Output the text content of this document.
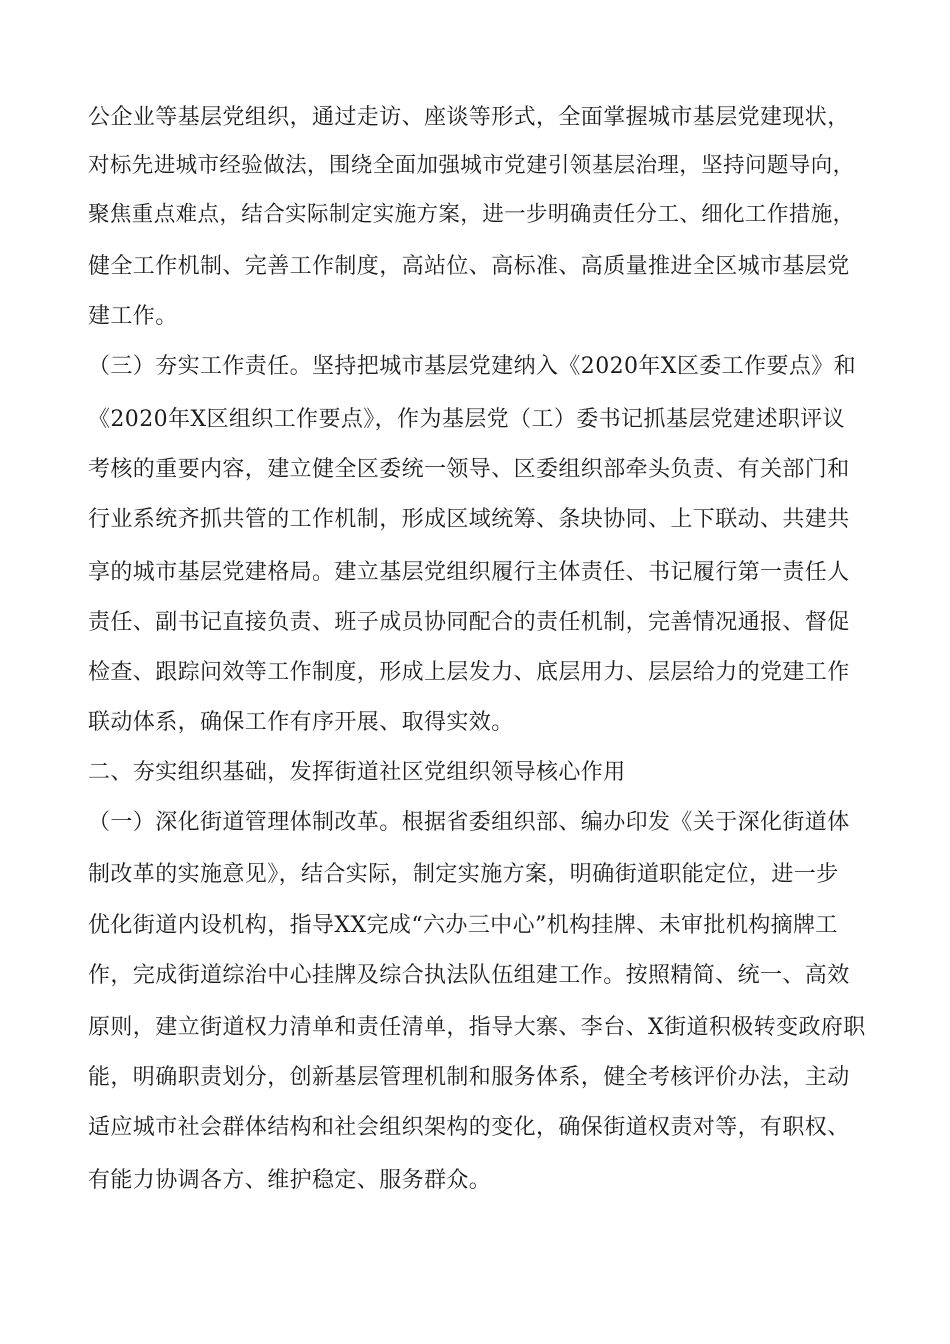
公企业等基层党组织，通过走访、座谈等形式，全面掌握城市基层党建现状，
对标先进城市经验做法，围绕全面加强城市党建引领基层治理，坚持问题导向，
聚焦重点难点，结合实际制定实施方案，进一步明确责任分工、细化工作措施，
健全工作机制、完善工作制度，高站位、高标准、高质量推进全区城市基层党
建工作。
（三）夯实工作责任。坚持把城市基层党建纳入《2020年X区委工作要点》和
《2020年X区组织工作要点》，作为基层党（工）委书记抓基层党建述职评议
考核的重要内容，建立健全区委统一领导、区委组织部牵头负责、有关部门和
行业系统齐抓共管的工作机制，形成区域统筹、条块协同、上下联动、共建共
享的城市基层党建格局。建立基层党组织履行主体责任、书记履行第一责任人
责任、副书记直接负责、班子成员协同配合的责任机制，完善情况通报、督促
检查、跟踪问效等工作制度，形成上层发力、底层用力、层层给力的党建工作
联动体系，确保工作有序开展、取得实效。
二、夯实组织基础，发挥街道社区党组织领导核心作用
（一）深化街道管理体制改革。根据省委组织部、编办印发《关于深化街道体
制改革的实施意见》，结合实际，制定实施方案，明确街道职能定位，进一步
优化街道内设机构，指导XX完成“六办三中心”机构挂牌、未审批机构摘牌工
作，完成街道综治中心挂牌及综合执法队伍组建工作。按照精简、统一、高效
原则，建立街道权力清单和责任清单，指导大寨、李台、X街道积极转变政府职
能，明确职责划分，创新基层管理机制和服务体系，健全考核评价办法，主动
适应城市社会群体结构和社会组织架构的变化，确保街道权责对等，有职权、
有能力协调各方、维护稳定、服务群众。
